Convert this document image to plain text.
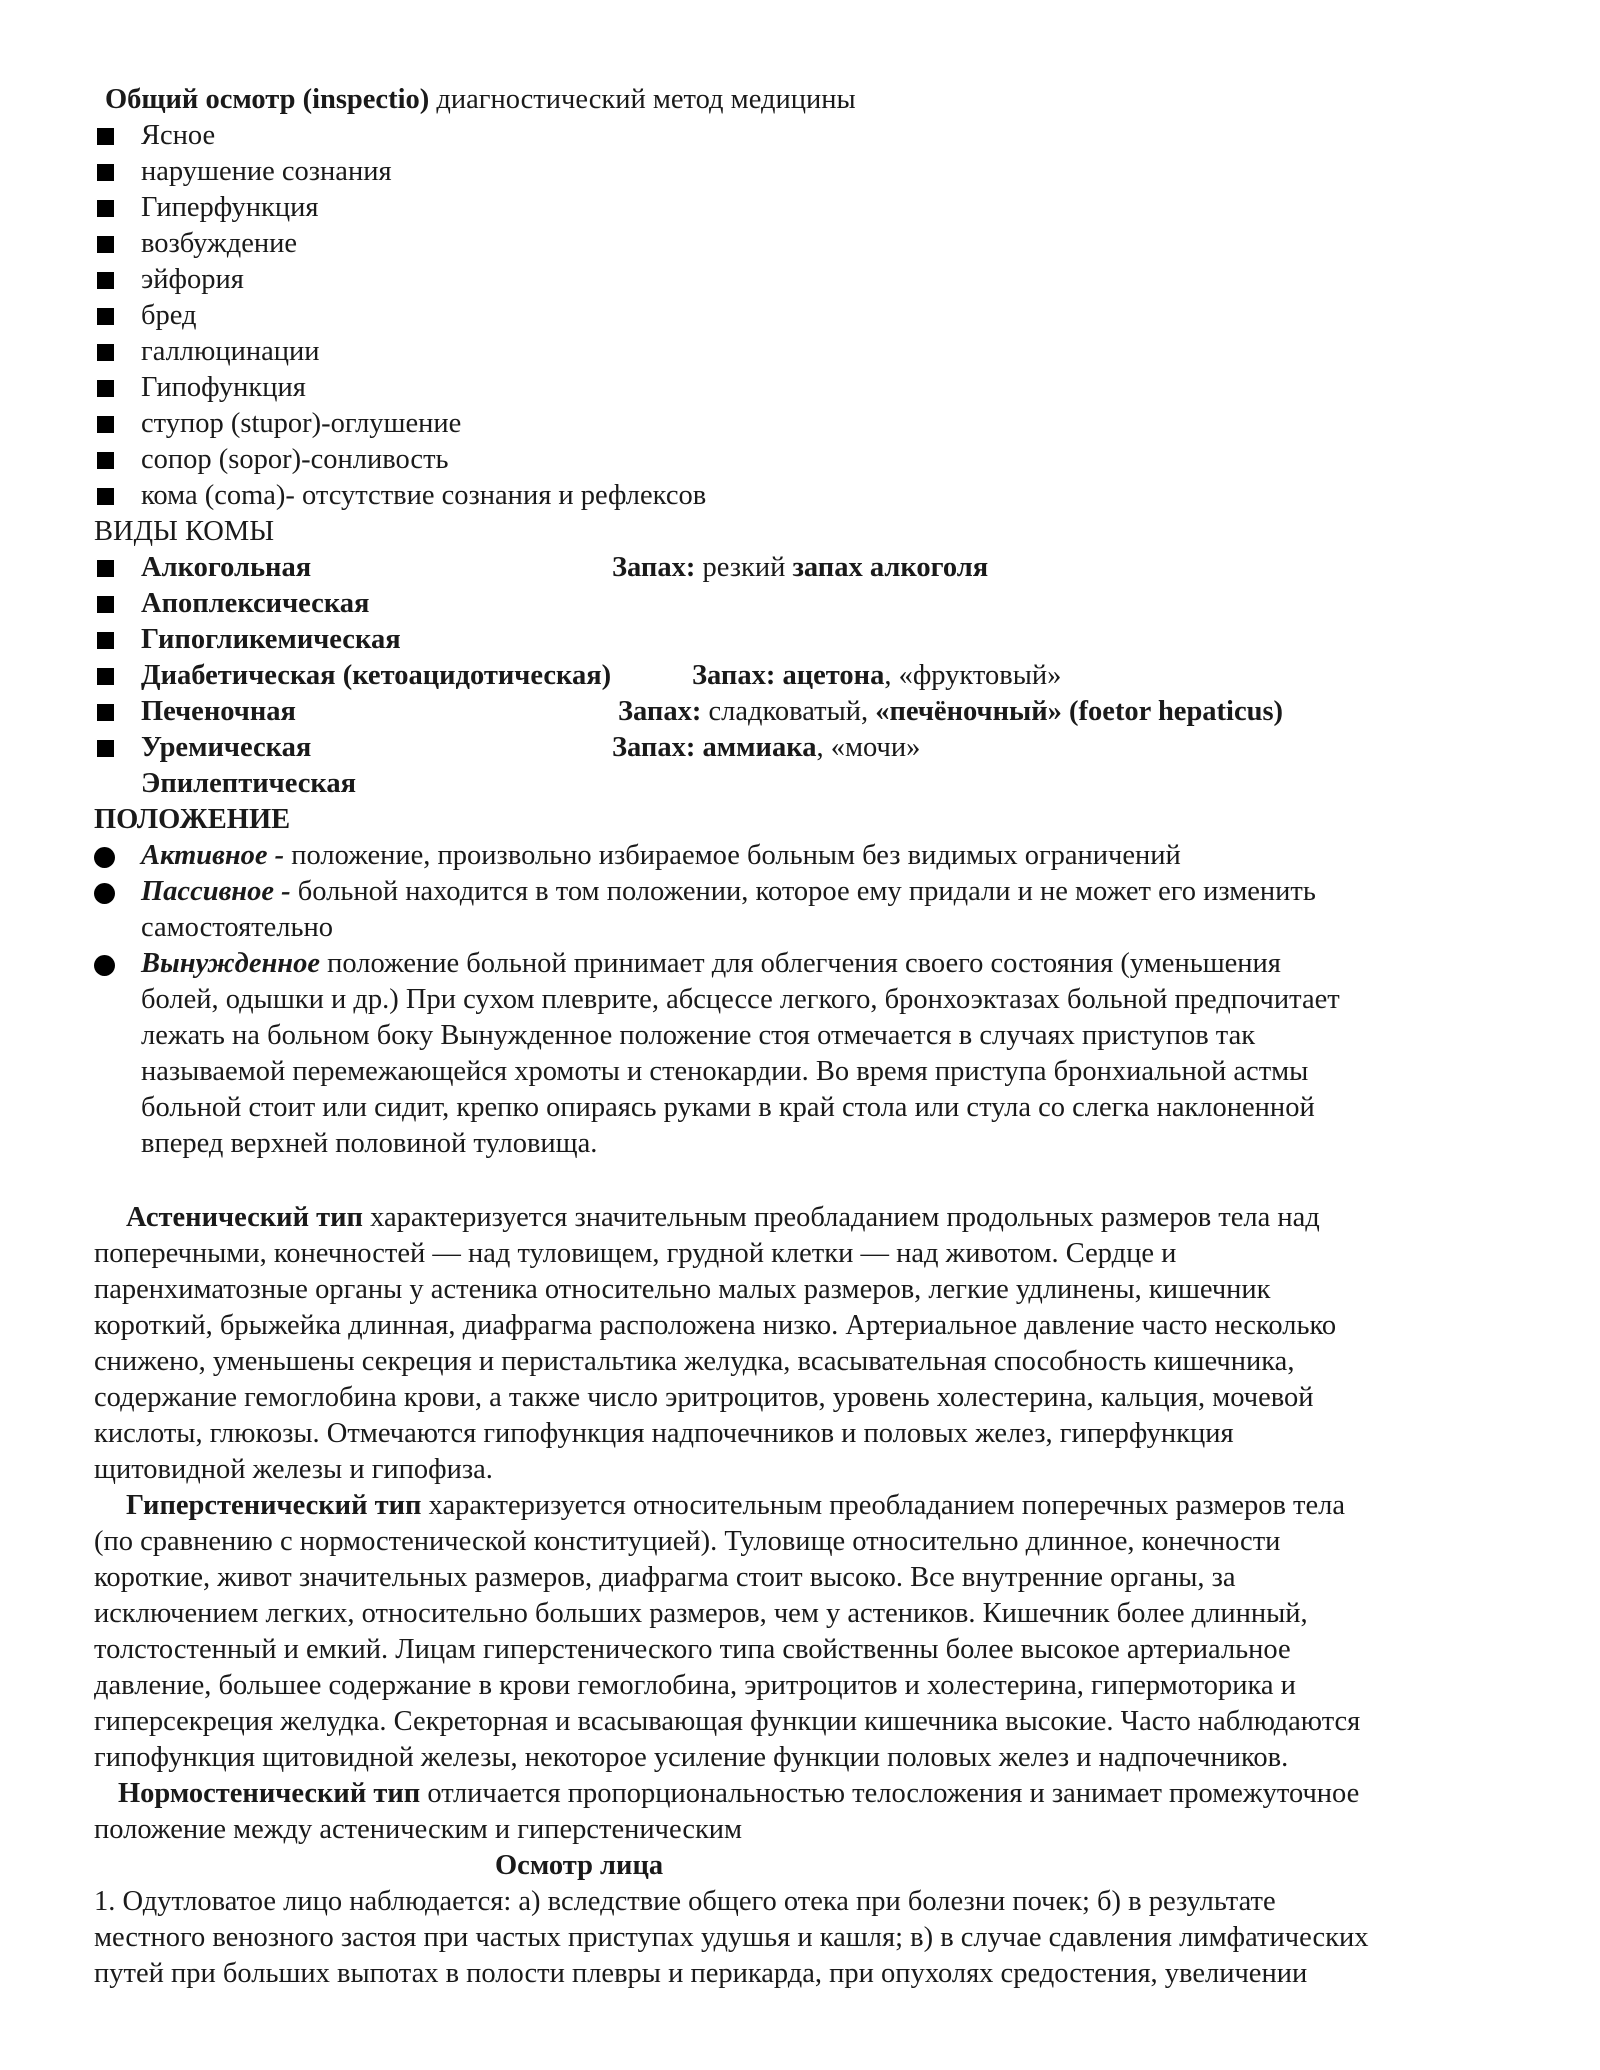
Общий осмотр (inspectio) диагностический метод медицины
Ясное
нарушение сознания
Гиперфункция
возбуждение
эйфория
бред
галлюцинации
Гипофункция
ступор (stupor)-оглушение
сопор (sopor)-сонливость
кома (coma)- отсутствие сознания и рефлексов
ВИДЫ КОМЫ
Алкогольная	Запах: резкий запах алкоголя
Апоплексическая
Гипогликемическая
Диабетическая (кетоацидотическая)	Запах: ацетона, «фруктовый»
Печеночная	Запах: сладковатый, «печёночный» (foetor hepaticus)
Уремическая	Запах: аммиака, «мочи»
Эпилептическая
ПОЛОЖЕНИЕ
Активное - положение, произвольно избираемое больным без видимых ограничений
Пассивное - больной находится в том положении, которое ему придали и не может его изменить
самостоятельно
Вынужденное положение больной принимает для облегчения своего состояния (уменьшения
болей, одышки и др.) При сухом плеврите, абсцессе легкого, бронхоэктазах больной предпочитает
лежать на больном боку Вынужденное положение стоя отмечается в случаях приступов так
называемой перемежающейся хромоты и стенокардии. Во время приступа бронхиальной астмы
больной стоит или сидит, крепко опираясь руками в край стола или стула со слегка наклоненной
вперед верхней половиной туловища.
Астенический тип характеризуется значительным преобладанием продольных размеров тела над
поперечными, конечностей — над туловищем, грудной клетки — над животом. Сердце и
паренхиматозные органы у астеника относительно малых размеров, легкие удлинены, кишечник
короткий, брыжейка длинная, диафрагма расположена низко. Артериальное давление часто несколько
снижено, уменьшены секреция и перистальтика желудка, всасывательная способность кишечника,
содержание гемоглобина крови, а также число эритроцитов, уровень холестерина, кальция, мочевой
кислоты, глюкозы. Отмечаются гипофункция надпочечников и половых желез, гиперфункция
щитовидной железы и гипофиза.
Гиперстенический тип характеризуется относительным преобладанием поперечных размеров тела
(по сравнению с нормостенической конституцией). Туловище относительно длинное, конечности
короткие, живот значительных размеров, диафрагма стоит высоко. Все внутренние органы, за
исключением легких, относительно больших размеров, чем у астеников. Кишечник более длинный,
толстостенный и емкий. Лицам гиперстенического типа свойственны более высокое артериальное
давление, большее содержание в крови гемоглобина, эритроцитов и холестерина, гипермоторика и
гиперсекреция желудка. Секреторная и всасывающая функции кишечника высокие. Часто наблюдаются
гипофункция щитовидной железы, некоторое усиление функции половых желез и надпочечников.
Нормостенический тип отличается пропорциональностью телосложения и занимает промежуточное
положение между астеническим и гиперстеническим
Осмотр лица
1. Одутловатое лицо наблюдается: а) вследствие общего отека при болезни почек; б) в результате
местного венозного застоя при частых приступах удушья и кашля; в) в случае сдавления лимфатических
путей при больших выпотах в полости плевры и перикарда, при опухолях средостения, увеличении
